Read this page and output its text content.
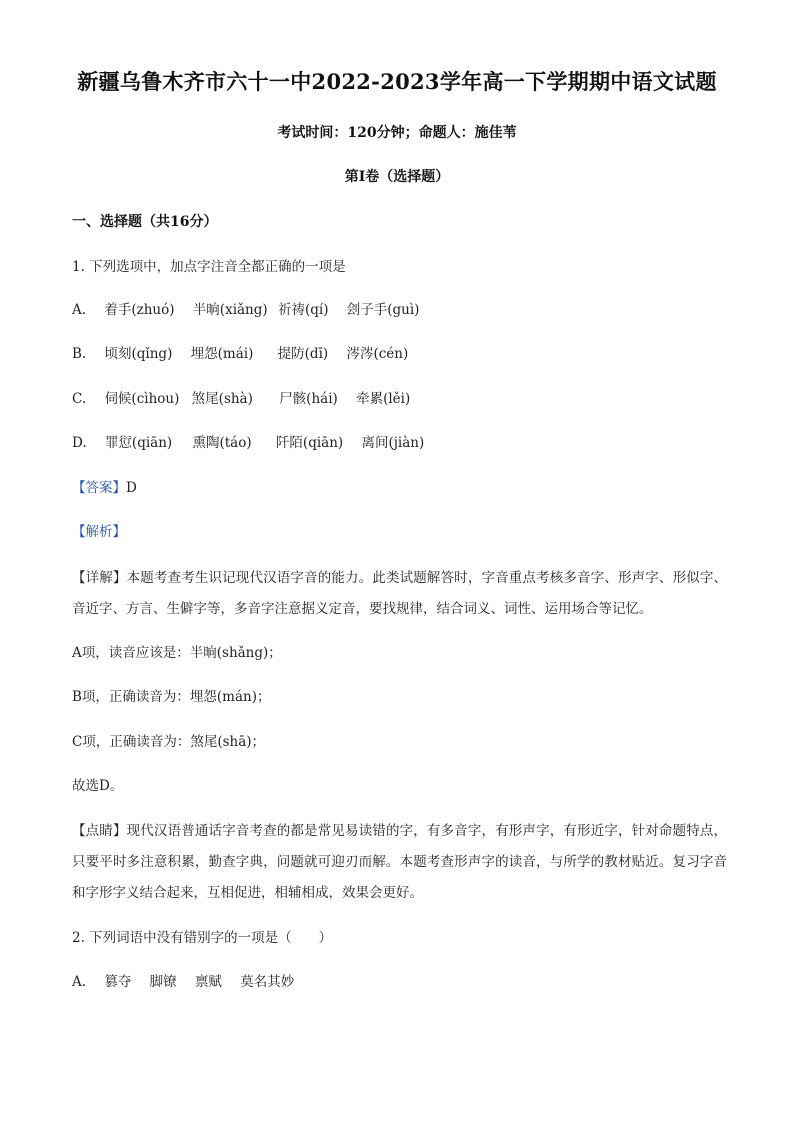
新疆乌鲁木齐市六十一中2022-2023学年高一下学期期中语文试题
考试时间：120分钟；命题人：施佳苇
第Ⅰ卷（选择题）
一、选择题（共16分）
1. 下列选项中，加点字注音全都正确的一项是
A. 着手(zhuó) 半晌(xiǎng) 祈祷(qí) 刽子手(guì)
B. 顷刻(qǐng) 埋怨(mái) 提防(dī) 涔涔(cén)
C. 伺候(cìhou) 煞尾(shà) 尸骸(hái) 牵累(lěi)
D. 罪愆(qiān) 熏陶(táo) 阡陌(qiān) 离间(jiàn)
【答案】D
【解析】
【详解】本题考查考生识记现代汉语字音的能力。此类试题解答时，字音重点考核多音字、形声字、形似字、音近字、方言、生僻字等，多音字注意据义定音，要找规律，结合词义、词性、运用场合等记忆。
A项，读音应该是：半晌(shǎng)；
B项，正确读音为：埋怨(mán)；
C项，正确读音为：煞尾(shā)；
故选D。
【点睛】现代汉语普通话字音考查的都是常见易读错的字，有多音字，有形声字，有形近字，针对命题特点，只要平时多注意积累，勤查字典，问题就可迎刃而解。本题考查形声字的读音，与所学的教材贴近。复习字音和字形字义结合起来，互相促进，相辅相成，效果会更好。
2. 下列词语中没有错别字的一项是（　　）
A. 篡夺 脚镣 禀赋 莫名其妙
